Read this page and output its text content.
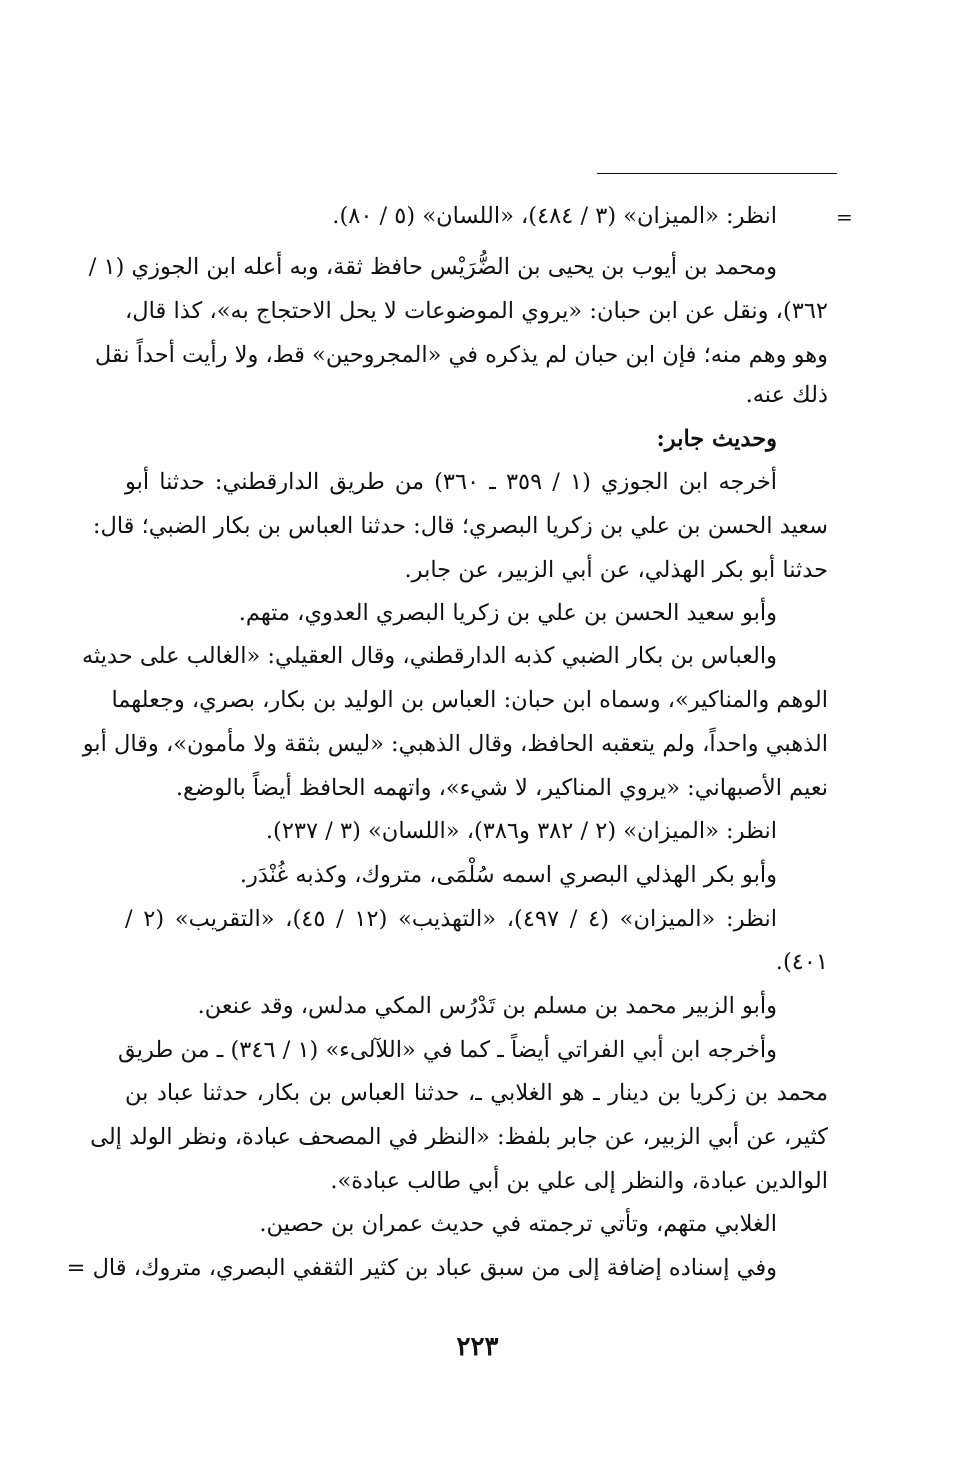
=
انظر: «الميزان» (٣ / ٤٨٤)، «اللسان» (٥ / ٨٠).
ومحمد بن أيوب بن يحيى بن الضُّرَيْس حافظ ثقة، وبه أعله ابن الجوزي (١ /
٣٦٢)، ونقل عن ابن حبان: «يروي الموضوعات لا يحل الاحتجاج به»، كذا قال،
وهو وهم منه؛ فإن ابن حبان لم يذكره في «المجروحين» قط، ولا رأيت أحداً نقل
ذلك عنه.
وحديث جابر:
أخرجه ابن الجوزي (١ / ٣٥٩ ـ ٣٦٠) من طريق الدارقطني: حدثنا أبو
سعيد الحسن بن علي بن زكريا البصري؛ قال: حدثنا العباس بن بكار الضبي؛ قال:
حدثنا أبو بكر الهذلي، عن أبي الزبير، عن جابر.
وأبو سعيد الحسن بن علي بن زكريا البصري العدوي، متهم.
والعباس بن بكار الضبي كذبه الدارقطني، وقال العقيلي: «الغالب على حديثه
الوهم والمناكير»، وسماه ابن حبان: العباس بن الوليد بن بكار، بصري، وجعلهما
الذهبي واحداً، ولم يتعقبه الحافظ، وقال الذهبي: «ليس بثقة ولا مأمون»، وقال أبو
نعيم الأصبهاني: «يروي المناكير، لا شيء»، واتهمه الحافظ أيضاً بالوضع.
انظر: «الميزان» (٢ / ٣٨٢ و٣٨٦)، «اللسان» (٣ / ٢٣٧).
وأبو بكر الهذلي البصري اسمه سُلْمَى، متروك، وكذبه غُنْدَر.
انظر: «الميزان» (٤ / ٤٩٧)، «التهذيب» (١٢ / ٤٥)، «التقريب» (٢ /
٤٠١).
وأبو الزبير محمد بن مسلم بن تَدْرُس المكي مدلس، وقد عنعن.
وأخرجه ابن أبي الفراتي أيضاً ـ كما في «اللآلىء» (١ / ٣٤٦) ـ من طريق
محمد بن زكريا بن دينار ـ هو الغلابي ـ، حدثنا العباس بن بكار، حدثنا عباد بن
كثير، عن أبي الزبير، عن جابر بلفظ: «النظر في المصحف عبادة، ونظر الولد إلى
الوالدين عبادة، والنظر إلى علي بن أبي طالب عبادة».
الغلابي متهم، وتأتي ترجمته في حديث عمران بن حصين.
وفي إسناده إضافة إلى من سبق عباد بن كثير الثقفي البصري، متروك، قال =
٢٢٣
